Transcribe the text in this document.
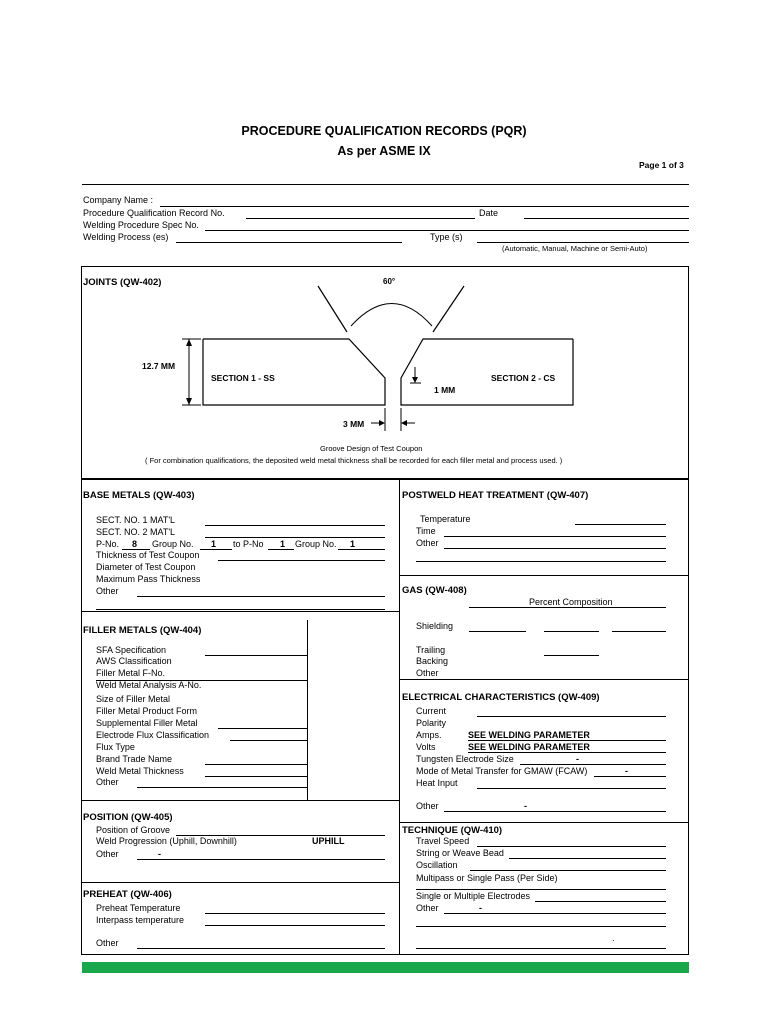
PROCEDURE QUALIFICATION RECORDS (PQR)
As per ASME IX
Page 1 of 3
Company Name :
Procedure Qualification Record No.	Date
Welding Procedure Spec No.
Welding Process (es)	Type (s)
(Automatic, Manual, Machine or Semi-Auto)
JOINTS (QW-402)	60°
12.7 MM
SECTION 1 - SS	SECTION 2 - CS
1 MM
3 MM
Groove Design of Test Coupon
( For combination qualifications, the deposited weld metal thickness shall be recorded for each filler metal and process used. )
BASE METALS (QW-403)
SECT. NO. 1 MAT'L
SECT. NO. 2 MAT'L
P-No. 8 Group No. 1 to P-No 1 Group No. 1
Thickness of Test Coupon
Diameter of Test Coupon
Maximum Pass Thickness
Other
FILLER METALS (QW-404)
SFA Specification
AWS Classification
Filler Metal F-No.
Weld Metal Analysis A-No.
Size of Filler Metal
Filler Metal Product Form
Supplemental Filler Metal
Electrode Flux Classification
Flux Type
Brand Trade Name
Weld Metal Thickness
Other
POSITION (QW-405)
Position of Groove
Weld Progression (Uphill, Downhill)	UPHILL
Other	-
PREHEAT (QW-406)
Preheat Temperature
Interpass temperature
Other
POSTWELD HEAT TREATMENT (QW-407)
Temperature
Time
Other
GAS (QW-408)
Percent Composition
Shielding
Trailing
Backing
Other
ELECTRICAL CHARACTERISTICS (QW-409)
Current
Polarity
Amps.	SEE WELDING PARAMETER
Volts	SEE WELDING PARAMETER
Tungsten Electrode Size	-
Mode of Metal Transfer for GMAW (FCAW)	-
Heat Input
Other	-
TECHNIQUE (QW-410)
Travel Speed
String or Weave Bead
Oscillation
Multipass or Single Pass (Per Side)
Single or Multiple Electrodes
Other	-
.
